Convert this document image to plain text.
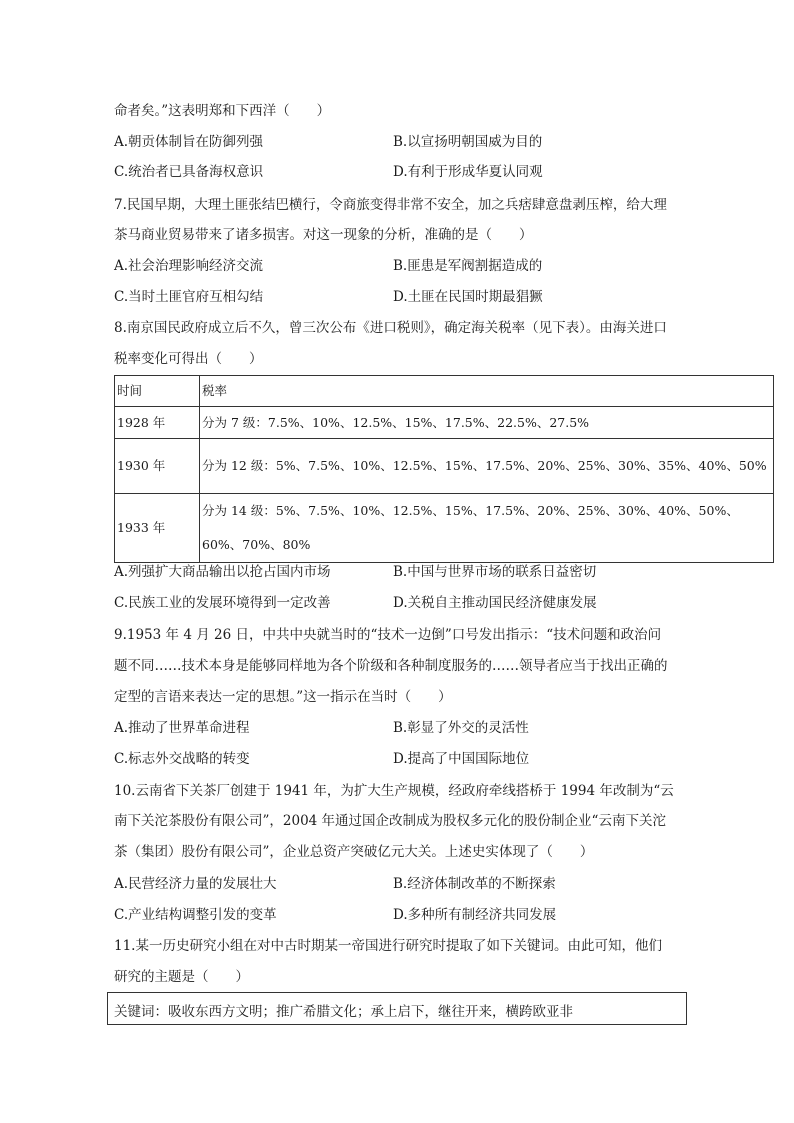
命者矣。”这表明郑和下西洋（　　）
A.朝贡体制旨在防御列强	B.以宣扬明朝国威为目的
C.统治者已具备海权意识	D.有利于形成华夏认同观
7.民国早期，大理土匪张结巴横行，令商旅变得非常不安全，加之兵痞肆意盘剥压榨，给大理
茶马商业贸易带来了诸多损害。对这一现象的分析，准确的是（　　）
A.社会治理影响经济交流	B.匪患是军阀割据造成的
C.当时土匪官府互相勾结	D.土匪在民国时期最猖獗
8.南京国民政府成立后不久，曾三次公布《进口税则》，确定海关税率（见下表）。由海关进口
税率变化可得出（　　）
时间	税率
1928 年	分为 7 级：7.5%、10%、12.5%、15%、17.5%、22.5%、27.5%
1930 年	分为 12 级：5%、7.5%、10%、12.5%、15%、17.5%、20%、25%、30%、35%、40%、50%
1933 年	分为 14 级：5%、7.5%、10%、12.5%、15%、17.5%、20%、25%、30%、40%、50%、60%、70%、80%
A.列强扩大商品输出以抢占国内市场	B.中国与世界市场的联系日益密切
C.民族工业的发展环境得到一定改善	D.关税自主推动国民经济健康发展
9.1953 年 4 月 26 日，中共中央就当时的“技术一边倒”口号发出指示：“技术问题和政治问
题不同……技术本身是能够同样地为各个阶级和各种制度服务的……领导者应当于找出正确的
定型的言语来表达一定的思想。”这一指示在当时（　　）
A.推动了世界革命进程	B.彰显了外交的灵活性
C.标志外交战略的转变	D.提高了中国国际地位
10.云南省下关茶厂创建于 1941 年，为扩大生产规模，经政府牵线搭桥于 1994 年改制为“云
南下关沱茶股份有限公司”，2004 年通过国企改制成为股权多元化的股份制企业“云南下关沱
茶（集团）股份有限公司”，企业总资产突破亿元大关。上述史实体现了（　　）
A.民营经济力量的发展壮大	B.经济体制改革的不断探索
C.产业结构调整引发的变革	D.多种所有制经济共同发展
11.某一历史研究小组在对中古时期某一帝国进行研究时提取了如下关键词。由此可知，他们
研究的主题是（　　）
关键词：吸收东西方文明；推广希腊文化；承上启下，继往开来，横跨欧亚非
